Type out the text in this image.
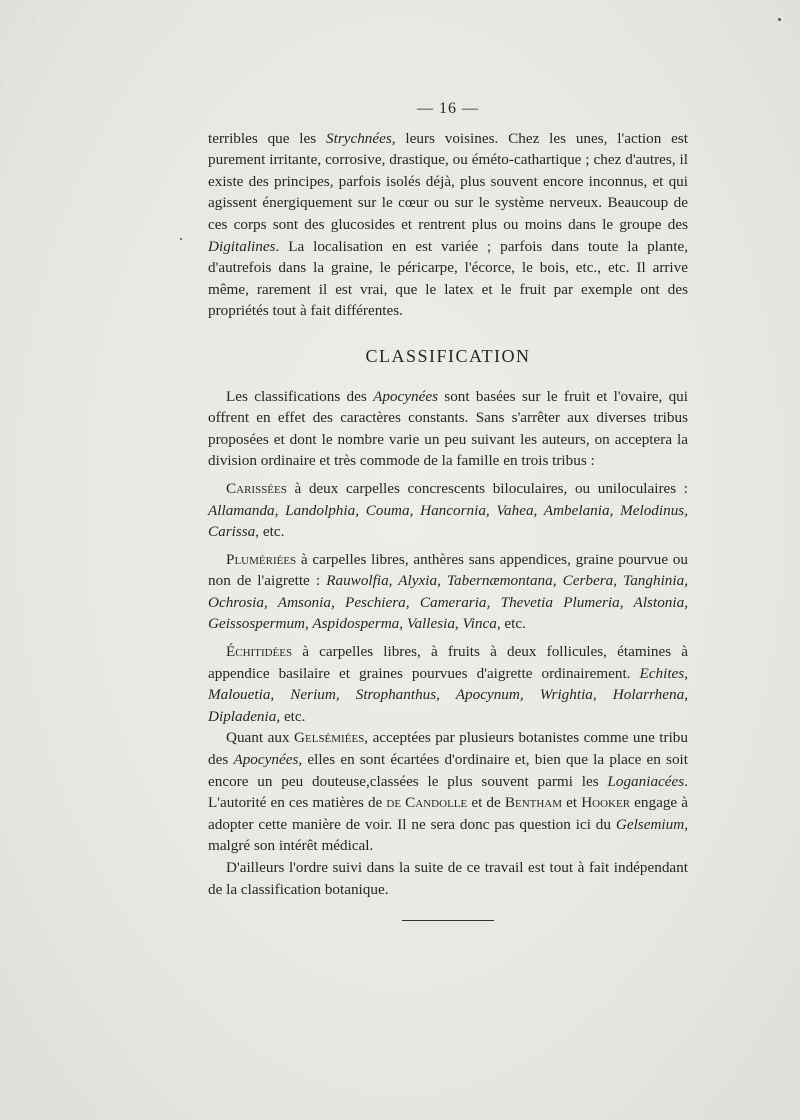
— 16 —

terribles que les Strychnées, leurs voisines. Chez les unes, l'action est purement irritante, corrosive, drastique, ou éméto-cathartique ; chez d'autres, il existe des principes, parfois isolés déjà, plus souvent encore inconnus, et qui agissent énergiquement sur le cœur ou sur le système nerveux. Beaucoup de ces corps sont des glucosides et rentrent plus ou moins dans le groupe des Digitalines. La localisation en est variée ; parfois dans toute la plante, d'autrefois dans la graine, le péricarpe, l'écorce, le bois, etc., etc. Il arrive même, rarement il est vrai, que le latex et le fruit par exemple ont des propriétés tout à fait différentes.

CLASSIFICATION

Les classifications des Apocynées sont basées sur le fruit et l'ovaire, qui offrent en effet des caractères constants. Sans s'arrêter aux diverses tribus proposées et dont le nombre varie un peu suivant les auteurs, on acceptera la division ordinaire et très commode de la famille en trois tribus :

Carissées à deux carpelles concrescents biloculaires, ou uniloculaires : Allamanda, Landolphia, Couma, Hancornia, Vahea, Ambelania, Melodinus, Carissa, etc.

Plumériées à carpelles libres, anthères sans appendices, graine pourvue ou non de l'aigrette : Rauwolfia, Alyxia, Tabernæmontana, Cerbera, Tanghinia, Ochrosia, Amsonia, Peschiera, Cameraria, Thevetia Plumeria, Alstonia, Geissospermum, Aspidosperma, Vallesia, Vinca, etc.

Échitidées à carpelles libres, à fruits à deux follicules, étamines à appendice basilaire et graines pourvues d'aigrette ordinairement. Echites, Malouetia, Nerium, Strophanthus, Apocynum, Wrightia, Holarrhena, Dipladenia, etc.

Quant aux Gelsémiées, acceptées par plusieurs botanistes comme une tribu des Apocynées, elles en sont écartées d'ordinaire et, bien que la place en soit encore un peu douteuse,classées le plus souvent parmi les Loganiacées. L'autorité en ces matières de de Candolle et de Bentham et Hooker engage à adopter cette manière de voir. Il ne sera donc pas question ici du Gelsemium, malgré son intérêt médical.

D'ailleurs l'ordre suivi dans la suite de ce travail est tout à fait indépendant de la classification botanique.
